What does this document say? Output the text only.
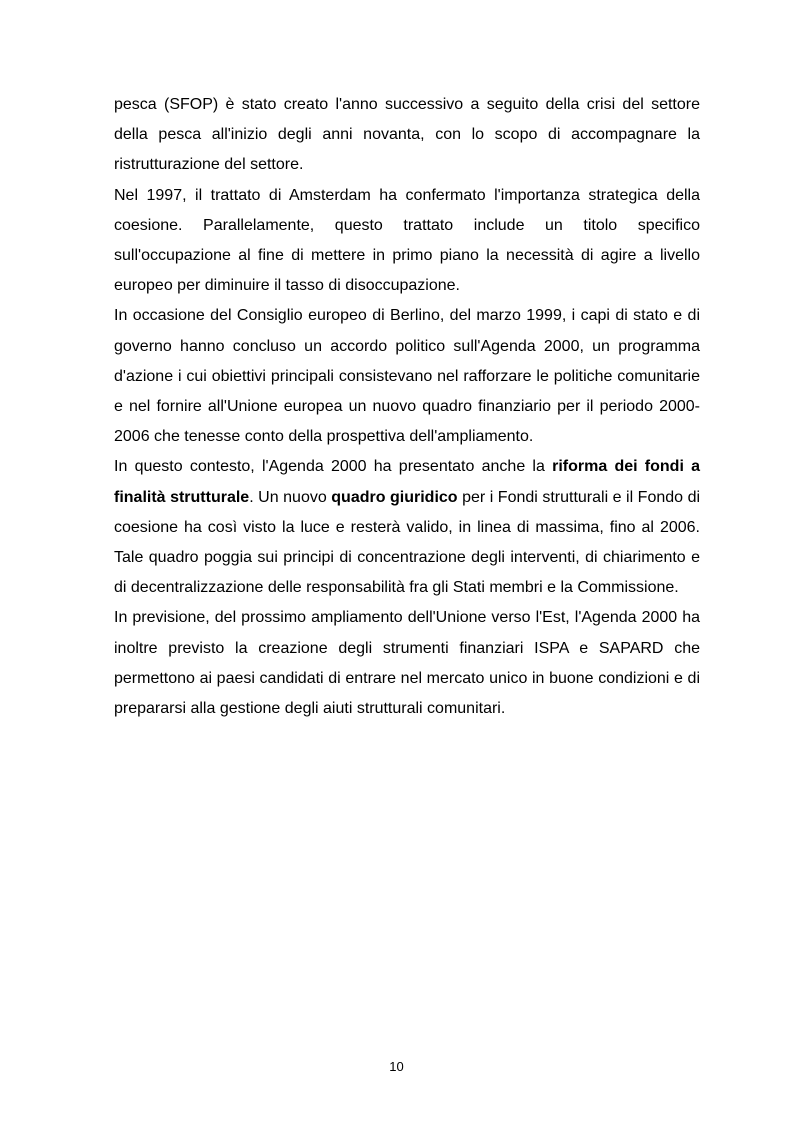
pesca (SFOP) è stato creato l'anno successivo a seguito della crisi del settore della pesca all'inizio degli anni novanta, con lo scopo di accompagnare la ristrutturazione del settore.

Nel 1997, il trattato di Amsterdam ha confermato l'importanza strategica della coesione. Parallelamente, questo trattato include un titolo specifico sull'occupazione al fine di mettere in primo piano la necessità di agire a livello europeo per diminuire il tasso di disoccupazione.

In occasione del Consiglio europeo di Berlino, del marzo 1999, i capi di stato e di governo hanno concluso un accordo politico sull'Agenda 2000, un programma d'azione i cui obiettivi principali consistevano nel rafforzare le politiche comunitarie e nel fornire all'Unione europea un nuovo quadro finanziario per il periodo 2000-2006 che tenesse conto della prospettiva dell'ampliamento.

In questo contesto, l'Agenda 2000 ha presentato anche la riforma dei fondi a finalità strutturale. Un nuovo quadro giuridico per i Fondi strutturali e il Fondo di coesione ha così visto la luce e resterà valido, in linea di massima, fino al 2006. Tale quadro poggia sui principi di concentrazione degli interventi, di chiarimento e di decentralizzazione delle responsabilità fra gli Stati membri e la Commissione.

In previsione, del prossimo ampliamento dell'Unione verso l'Est, l'Agenda 2000 ha inoltre previsto la creazione degli strumenti finanziari ISPA e SAPARD che permettono ai paesi candidati di entrare nel mercato unico in buone condizioni e di prepararsi alla gestione degli aiuti strutturali comunitari.

10
